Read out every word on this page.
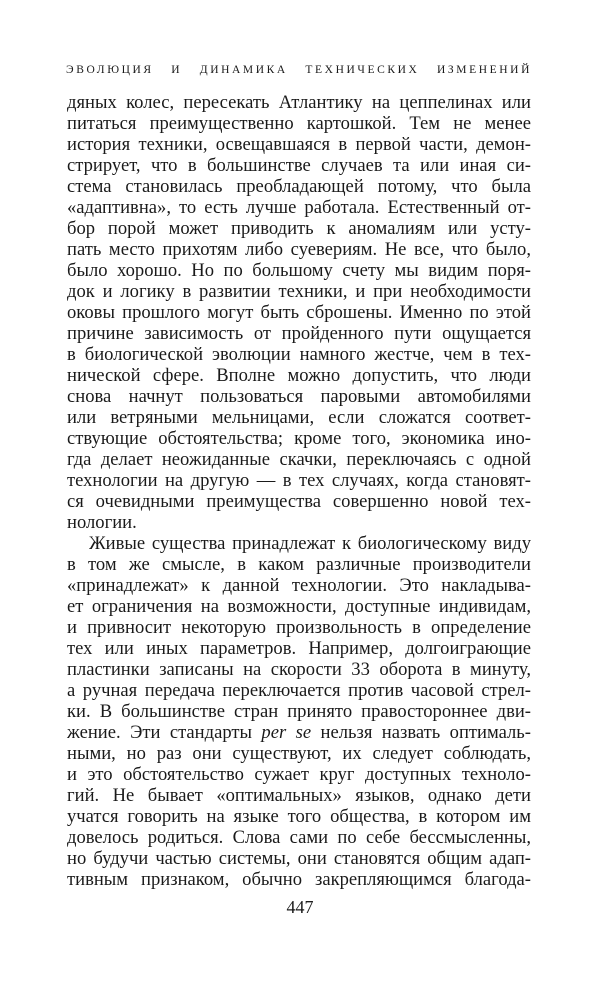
ЭВОЛЮЦИЯ И ДИНАМИКА ТЕХНИЧЕСКИХ ИЗМЕНЕНИЙ
дяных колес, пересекать Атлантику на цеппелинах или
питаться преимущественно картошкой. Тем не менее
история техники, освещавшаяся в первой части, демон-
стрирует, что в большинстве случаев та или иная си-
стема становилась преобладающей потому, что была
«адаптивна», то есть лучше работала. Естественный от-
бор порой может приводить к аномалиям или усту-
пать место прихотям либо суевериям. Не все, что было,
было хорошо. Но по большому счету мы видим поря-
док и логику в развитии техники, и при необходимости
оковы прошлого могут быть сброшены. Именно по этой
причине зависимость от пройденного пути ощущается
в биологической эволюции намного жестче, чем в тех-
нической сфере. Вполне можно допустить, что люди
снова начнут пользоваться паровыми автомобилями
или ветряными мельницами, если сложатся соответ-
ствующие обстоятельства; кроме того, экономика ино-
гда делает неожиданные скачки, переключаясь с одной
технологии на другую — в тех случаях, когда становят-
ся очевидными преимущества совершенно новой тех-
нологии.
Живые существа принадлежат к биологическому виду
в том же смысле, в каком различные производители
«принадлежат» к данной технологии. Это накладыва-
ет ограничения на возможности, доступные индивидам,
и привносит некоторую произвольность в определение
тех или иных параметров. Например, долгоиграющие
пластинки записаны на скорости 33 оборота в минуту,
а ручная передача переключается против часовой стрел-
ки. В большинстве стран принято правостороннее дви-
жение. Эти стандарты per se нельзя назвать оптималь-
ными, но раз они существуют, их следует соблюдать,
и это обстоятельство сужает круг доступных техноло-
гий. Не бывает «оптимальных» языков, однако дети
учатся говорить на языке того общества, в котором им
довелось родиться. Слова сами по себе бессмысленны,
но будучи частью системы, они становятся общим адап-
тивным признаком, обычно закрепляющимся благода-
447
